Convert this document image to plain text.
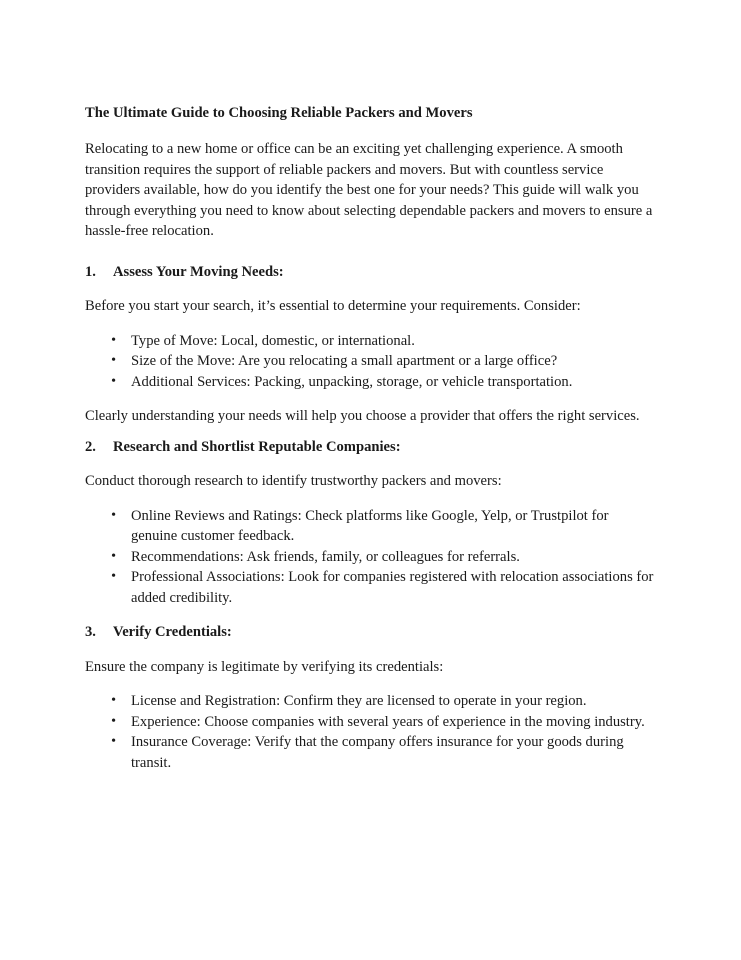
The Ultimate Guide to Choosing Reliable Packers and Movers

Relocating to a new home or office can be an exciting yet challenging experience. A smooth transition requires the support of reliable packers and movers. But with countless service providers available, how do you identify the best one for your needs? This guide will walk you through everything you need to know about selecting dependable packers and movers to ensure a hassle-free relocation.

1.	Assess Your Moving Needs:

Before you start your search, it’s essential to determine your requirements. Consider:

•	Type of Move: Local, domestic, or international.
•	Size of the Move: Are you relocating a small apartment or a large office?
•	Additional Services: Packing, unpacking, storage, or vehicle transportation.

Clearly understanding your needs will help you choose a provider that offers the right services.

2.	Research and Shortlist Reputable Companies:

Conduct thorough research to identify trustworthy packers and movers:

•	Online Reviews and Ratings: Check platforms like Google, Yelp, or Trustpilot for genuine customer feedback.
•	Recommendations: Ask friends, family, or colleagues for referrals.
•	Professional Associations: Look for companies registered with relocation associations for added credibility.
3.	Verify Credentials:

Ensure the company is legitimate by verifying its credentials:

•	License and Registration: Confirm they are licensed to operate in your region.
•	Experience: Choose companies with several years of experience in the moving industry.
•	Insurance Coverage: Verify that the company offers insurance for your goods during transit.
